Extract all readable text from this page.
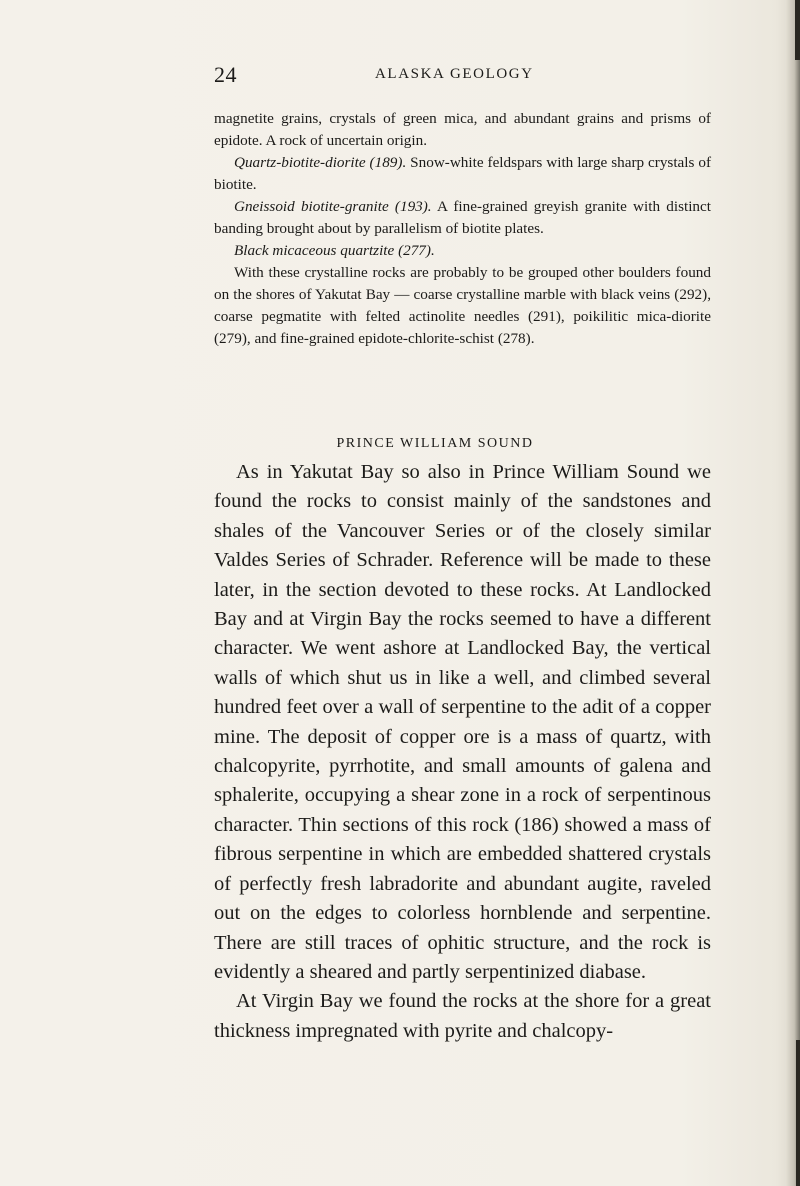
24	ALASKA GEOLOGY

magnetite grains, crystals of green mica, and abundant grains and prisms of epidote. A rock of uncertain origin.

Quartz-biotite-diorite (189). Snow-white feldspars with large sharp crystals of biotite.

Gneissoid biotite-granite (193). A fine-grained greyish granite with distinct banding brought about by parallelism of biotite plates.

Black micaceous quartzite (277).

With these crystalline rocks are probably to be grouped other boulders found on the shores of Yakutat Bay — coarse crystalline marble with black veins (292), coarse pegmatite with felted actinolite needles (291), poikilitic mica-diorite (279), and fine-grained epidote-chlorite-schist (278).

PRINCE WILLIAM SOUND

As in Yakutat Bay so also in Prince William Sound we found the rocks to consist mainly of the sandstones and shales of the Vancouver Series or of the closely similar Valdes Series of Schrader. Reference will be made to these later, in the section devoted to these rocks. At Landlocked Bay and at Virgin Bay the rocks seemed to have a different character. We went ashore at Landlocked Bay, the vertical walls of which shut us in like a well, and climbed several hundred feet over a wall of serpentine to the adit of a copper mine. The deposit of copper ore is a mass of quartz, with chalcopyrite, pyrrhotite, and small amounts of galena and sphalerite, occupying a shear zone in a rock of serpentinous character. Thin sections of this rock (186) showed a mass of fibrous serpentine in which are embedded shattered crystals of perfectly fresh labradorite and abundant augite, raveled out on the edges to colorless hornblende and serpentine. There are still traces of ophitic structure, and the rock is evidently a sheared and partly serpentinized diabase.

At Virgin Bay we found the rocks at the shore for a great thickness impregnated with pyrite and chalcopy-
